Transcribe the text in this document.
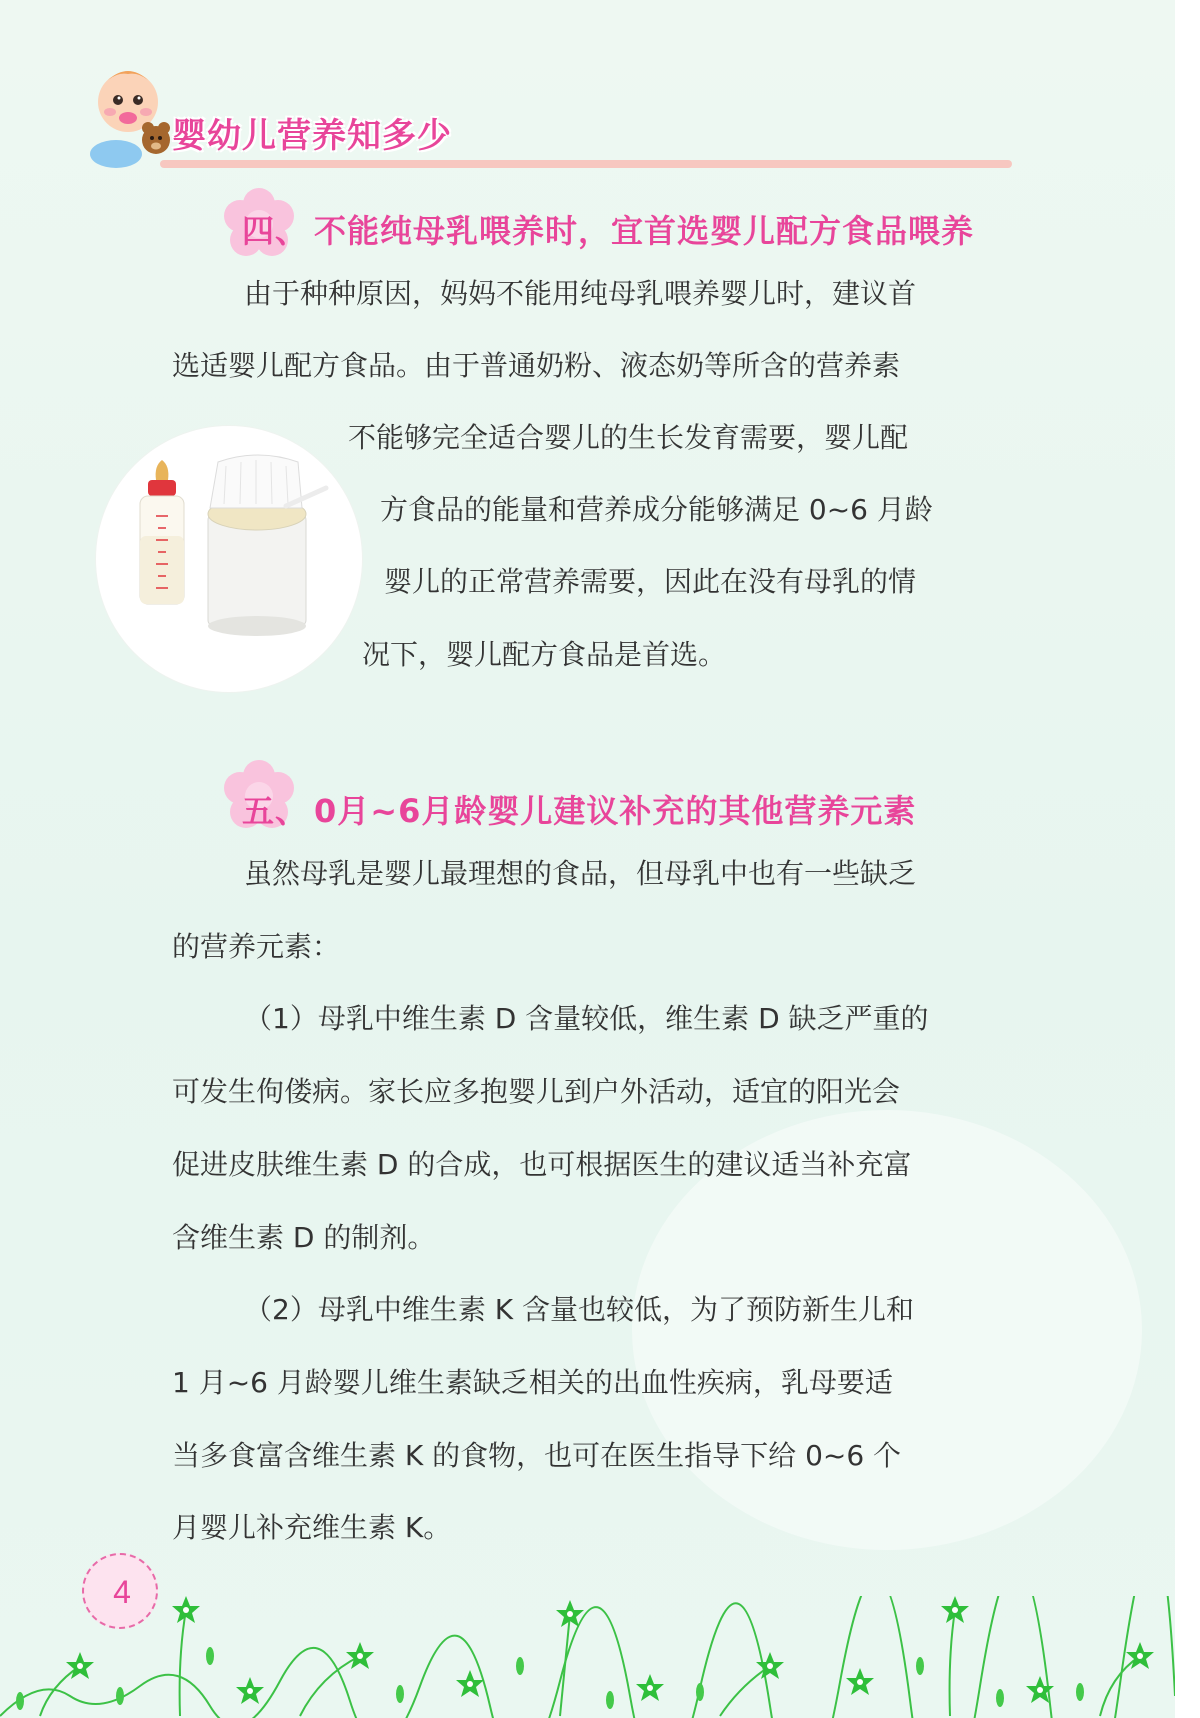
婴幼儿营养知多少
四、 不能纯母乳喂养时，宜首选婴儿配方食品喂养
由于种种原因，妈妈不能用纯母乳喂养婴儿时，建议首
选适婴儿配方食品。由于普通奶粉、液态奶等所含的营养素
不能够完全适合婴儿的生长发育需要，婴儿配
方食品的能量和营养成分能够满足 0~6 月龄
婴儿的正常营养需要，因此在没有母乳的情
况下，婴儿配方食品是首选。
五、 0月~6月龄婴儿建议补充的其他营养元素
虽然母乳是婴儿最理想的食品，但母乳中也有一些缺乏
的营养元素：
（1）母乳中维生素 D 含量较低，维生素 D 缺乏严重的
可发生佝偻病。家长应多抱婴儿到户外活动，适宜的阳光会
促进皮肤维生素 D 的合成，也可根据医生的建议适当补充富
含维生素 D 的制剂。
（2）母乳中维生素 K 含量也较低，为了预防新生儿和
1 月~6 月龄婴儿维生素缺乏相关的出血性疾病，乳母要适
当多食富含维生素 K 的食物，也可在医生指导下给 0~6 个
月婴儿补充维生素 K。
4
